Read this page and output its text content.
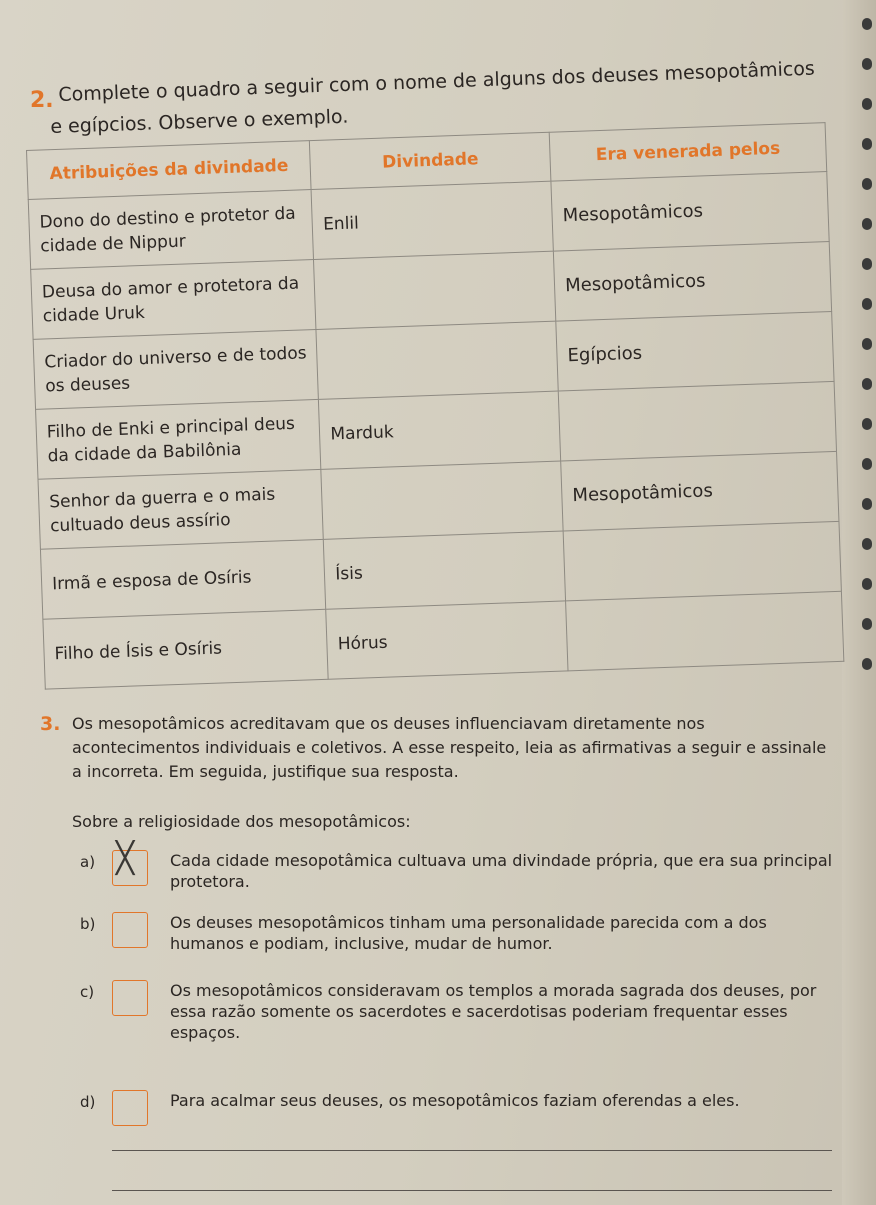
Complete o quadro a seguir com o nome de alguns dos deuses mesopotâmicos
2.
e egípcios. Observe o exemplo.
Atribuições da divindade	Divindade	Era venerada pelos
Dono do destino e protetor da cidade de Nippur	Enlil	Mesopotâmicos
Deusa do amor e protetora da cidade Uruk		Mesopotâmicos
Criador do universo e de todos os deuses		Egípcios
Filho de Enki e principal deus da cidade da Babilônia	Marduk	
Senhor da guerra e o mais cultuado deus assírio		Mesopotâmicos
Irmã e esposa de Osíris	Ísis	
Filho de Ísis e Osíris	Hórus	
3. Os mesopotâmicos acreditavam que os deuses influenciavam diretamente nos acontecimentos individuais e coletivos. A esse respeito, leia as afirmativas a seguir e assinale a incorreta. Em seguida, justifique sua resposta.
Sobre a religiosidade dos mesopotâmicos:
a) ╳ Cada cidade mesopotâmica cultuava uma divindade própria, que era sua principal protetora.
b)	Os deuses mesopotâmicos tinham uma personalidade parecida com a dos humanos e podiam, inclusive, mudar de humor.
c)	Os mesopotâmicos consideravam os templos a morada sagrada dos deuses, por essa razão somente os sacerdotes e sacerdotisas poderiam frequentar esses espaços.
d)	Para acalmar seus deuses, os mesopotâmicos faziam oferendas a eles.
